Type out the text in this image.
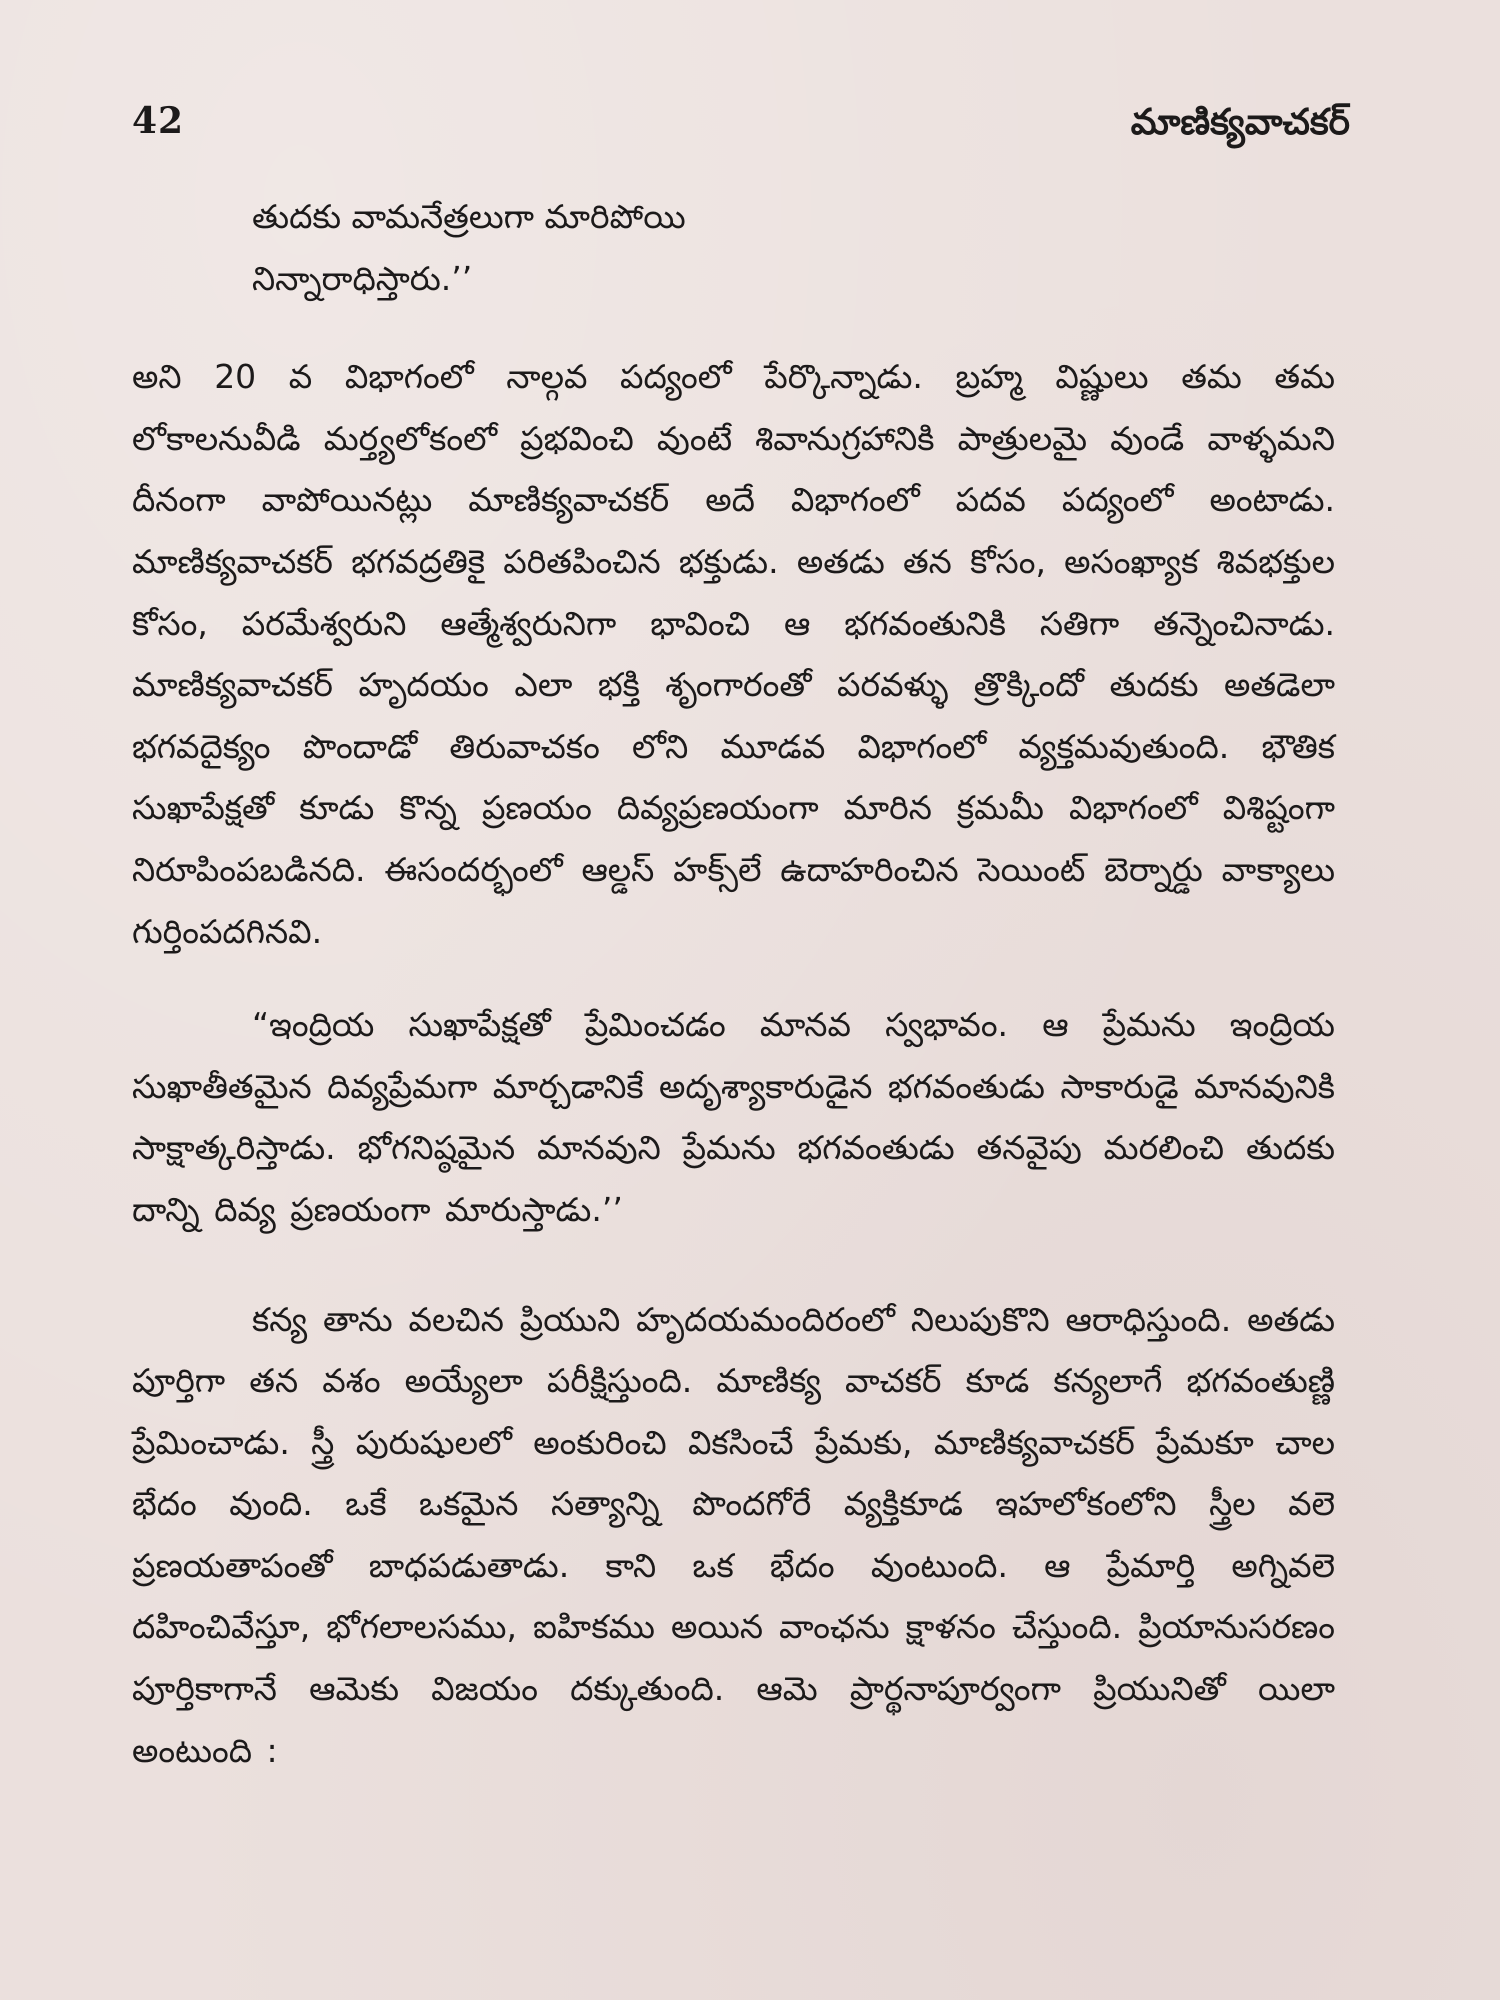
42	మాణిక్యవాచకర్

తుదకు వామనేత్రలుగా మారిపోయి

నిన్నారాధిస్తారు.’’

అని 20 వ విభాగంలో నాల్గవ పద్యంలో పేర్కొన్నాడు. బ్రహ్మ విష్ణులు తమ తమ లోకాలనువీడి మర్త్యలోకంలో ప్రభవించి వుంటే శివానుగ్రహానికి పాత్రులమై వుండే వాళ్ళమని దీనంగా వాపోయినట్లు మాణిక్యవాచకర్ అదే విభాగంలో పదవ పద్యంలో అంటాడు. మాణిక్యవాచకర్ భగవద్రతికై పరితపించిన భక్తుడు. అతడు తన కోసం, అసంఖ్యాక శివభక్తుల కోసం, పరమేశ్వరుని ఆత్మేశ్వరునిగా భావించి ఆ భగవంతునికి సతిగా తన్నెంచినాడు. మాణిక్యవాచకర్ హృదయం ఎలా భక్తి శృంగారంతో పరవళ్ళు త్రొక్కిందో తుదకు అతడెలా భగవదైక్యం పొందాడో తిరువాచకం లోని మూడవ విభాగంలో వ్యక్తమవుతుంది. భౌతిక సుఖాపేక్షతో కూడు కొన్న ప్రణయం దివ్యప్రణయంగా మారిన క్రమమీ విభాగంలో విశిష్టంగా నిరూపింపబడినది. ఈసందర్భంలో ఆల్డస్ హక్స్‌లే ఉదాహరించిన సెయింట్ బెర్నార్డు వాక్యాలు గుర్తింపదగినవి.

“ఇంద్రియ సుఖాపేక్షతో ప్రేమించడం మానవ స్వభావం. ఆ ప్రేమను ఇంద్రియ సుఖాతీతమైన దివ్యప్రేమగా మార్చడానికే అదృశ్యాకారుడైన భగవంతుడు సాకారుడై మానవునికి సాక్షాత్కరిస్తాడు. భోగనిష్ఠమైన మానవుని ప్రేమను భగవంతుడు తనవైపు మరలించి తుదకు దాన్ని దివ్య ప్రణయంగా మారుస్తాడు.’’

కన్య తాను వలచిన ప్రియుని హృదయమందిరంలో నిలుపుకొని ఆరాధిస్తుంది. అతడు పూర్తిగా తన వశం అయ్యేలా పరీక్షిస్తుంది. మాణిక్య వాచకర్ కూడ కన్యలాగే భగవంతుణ్ణి ప్రేమించాడు. స్త్రీ పురుషులలో అంకురించి వికసించే ప్రేమకు, మాణిక్యవాచకర్ ప్రేమకూ చాల భేదం వుంది. ఒకే ఒకమైన సత్యాన్ని పొందగోరే వ్యక్తికూడ ఇహలోకంలోని స్త్రీల వలె ప్రణయతాపంతో బాధపడుతాడు. కాని ఒక భేదం వుంటుంది. ఆ ప్రేమార్తి అగ్నివలె దహించివేస్తూ, భోగలాలసము, ఐహికము అయిన వాంఛను క్షాళనం చేస్తుంది. ప్రియానుసరణం పూర్తికాగానే ఆమెకు విజయం దక్కుతుంది. ఆమె ప్రార్థనాపూర్వంగా ప్రియునితో యిలా అంటుంది :
